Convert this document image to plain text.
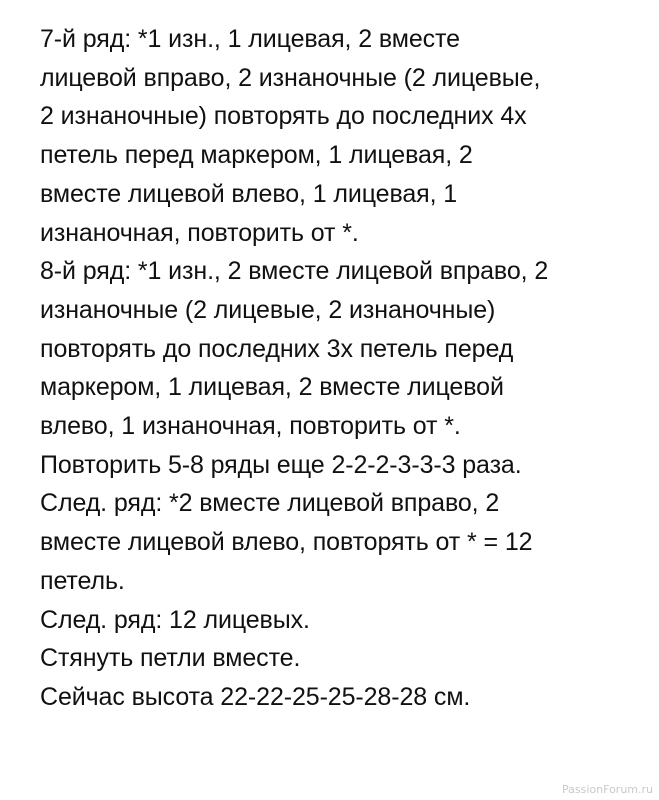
7-й ряд: *1 изн., 1 лицевая, 2 вместе
лицевой вправо, 2 изнаночные (2 лицевые,
2 изнаночные) повторять до последних 4х
петель перед маркером, 1 лицевая, 2
вместе лицевой влево, 1 лицевая, 1
изнаночная, повторить от *.
8-й ряд: *1 изн., 2 вместе лицевой вправо, 2
изнаночные (2 лицевые, 2 изнаночные)
повторять до последних 3х петель перед
маркером, 1 лицевая, 2 вместе лицевой
влево, 1 изнаночная, повторить от *.
Повторить 5-8 ряды еще 2-2-2-3-3-3 раза.
След. ряд: *2 вместе лицевой вправо, 2
вместе лицевой влево, повторять от * = 12
петель.
След. ряд: 12 лицевых.
Стянуть петли вместе.
Сейчас высота 22-22-25-25-28-28 см.
PassionForum.ru
